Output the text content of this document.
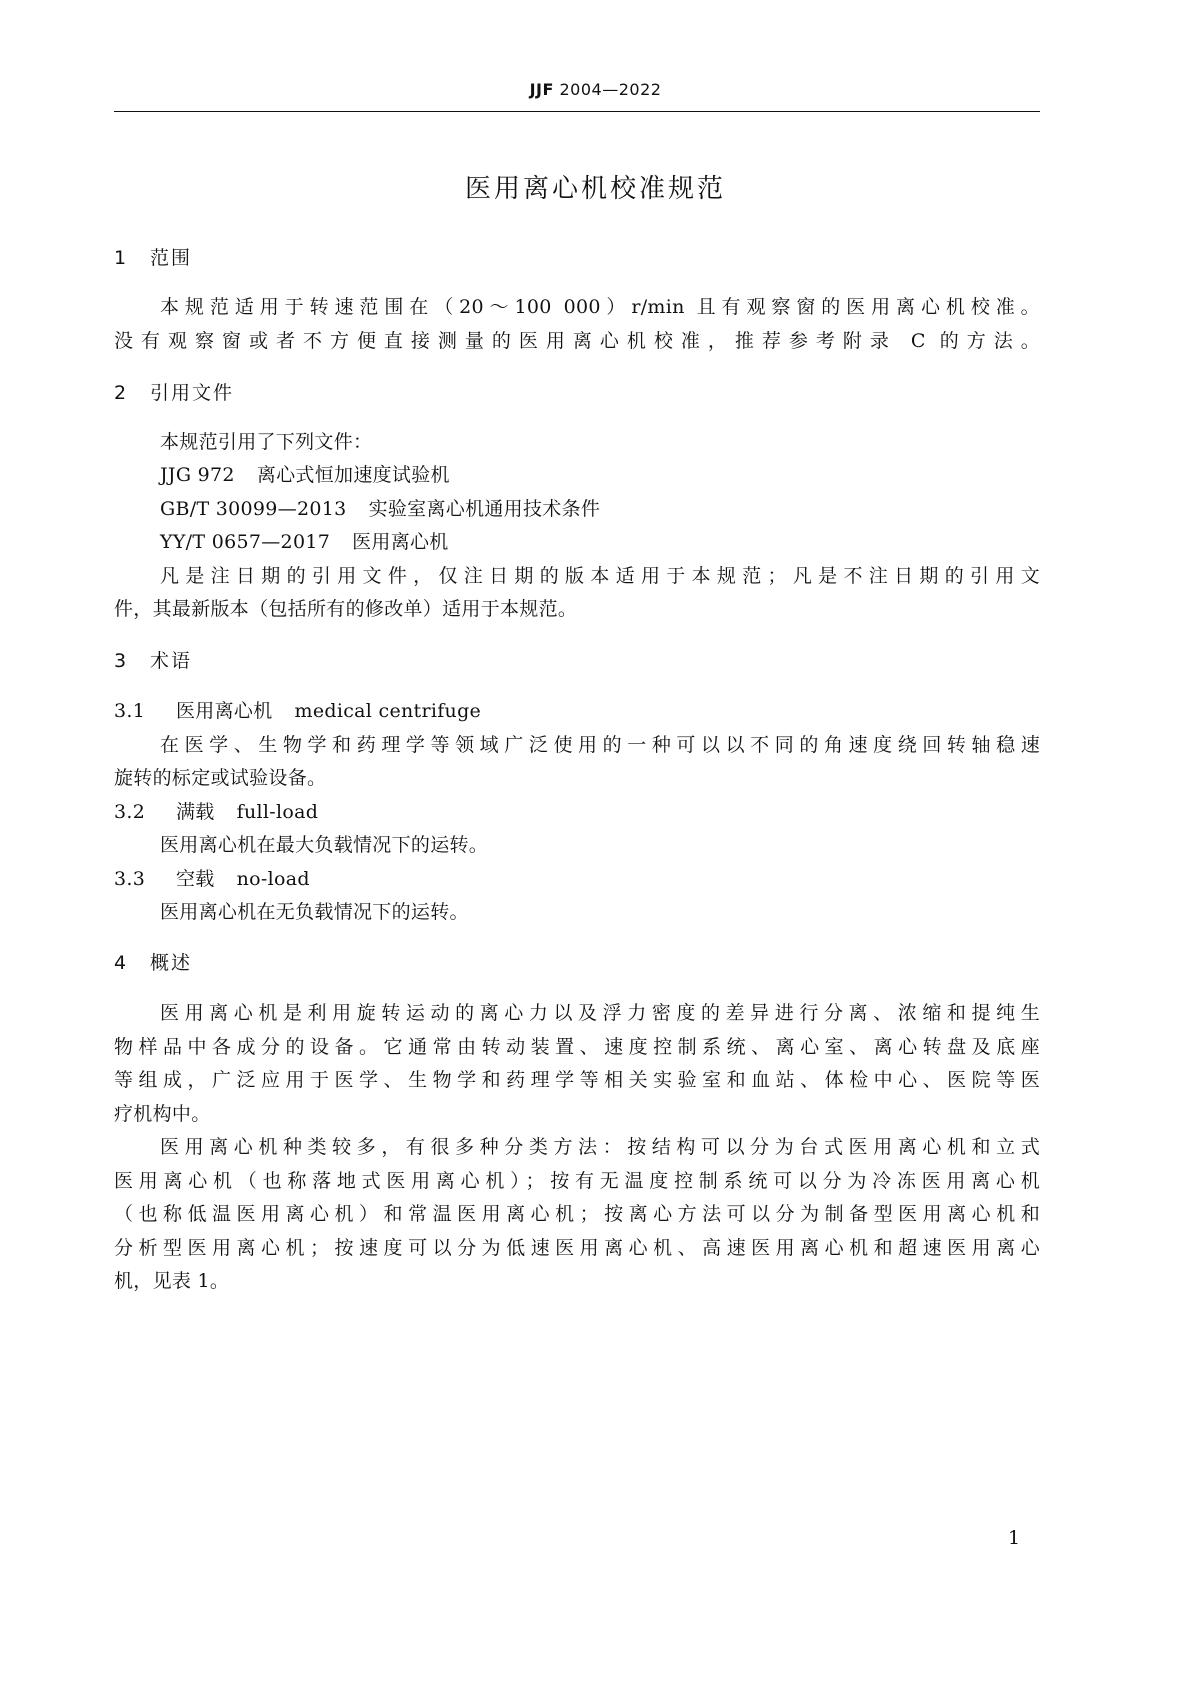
JJF 2004—2022
医用离心机校准规范
1 范围
本规范适用于转速范围在（20～100 000）r/min 且有观察窗的医用离心机校准。
没有观察窗或者不方便直接测量的医用离心机校准，推荐参考附录 C 的方法。
2 引用文件
本规范引用了下列文件：
JJG 972 离心式恒加速度试验机
GB/T 30099—2013 实验室离心机通用技术条件
YY/T 0657—2017 医用离心机
凡是注日期的引用文件，仅注日期的版本适用于本规范；凡是不注日期的引用文
件，其最新版本（包括所有的修改单）适用于本规范。
3 术语
3.1 医用离心机 medical centrifuge
在医学、生物学和药理学等领域广泛使用的一种可以以不同的角速度绕回转轴稳速
旋转的标定或试验设备。
3.2 满载 full-load
医用离心机在最大负载情况下的运转。
3.3 空载 no-load
医用离心机在无负载情况下的运转。
4 概述
医用离心机是利用旋转运动的离心力以及浮力密度的差异进行分离、浓缩和提纯生
物样品中各成分的设备。它通常由转动装置、速度控制系统、离心室、离心转盘及底座
等组成，广泛应用于医学、生物学和药理学等相关实验室和血站、体检中心、医院等医
疗机构中。
医用离心机种类较多，有很多种分类方法：按结构可以分为台式医用离心机和立式
医用离心机（也称落地式医用离心机）；按有无温度控制系统可以分为冷冻医用离心机
（也称低温医用离心机）和常温医用离心机；按离心方法可以分为制备型医用离心机和
分析型医用离心机；按速度可以分为低速医用离心机、高速医用离心机和超速医用离心
机，见表 1。
1
